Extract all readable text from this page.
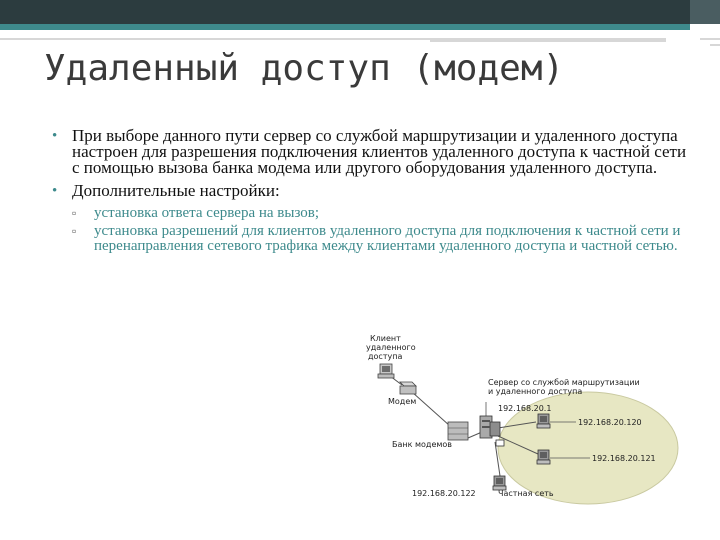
Удаленный доступ (модем)
• При выборе данного пути сервер со службой маршрутизации и удаленного доступа настроен для разрешения подключения клиентов удаленного доступа к частной сети с помощью вызова банка модема или другого оборудования удаленного доступа.
• Дополнительные настройки:
▫ установка ответа сервера на вызов;
▫ установка разрешений для клиентов удаленного доступа для подключения к частной сети и перенаправления сетевого трафика между клиентами удаленного доступа и частной сетью.
Клиент
удаленного
доступа
Модем
Сервер со службой маршрутизации
и удаленного доступа
192.168.20.1
192.168.20.120
192.168.20.121
Банк модемов
192.168.20.122	Частная сеть
